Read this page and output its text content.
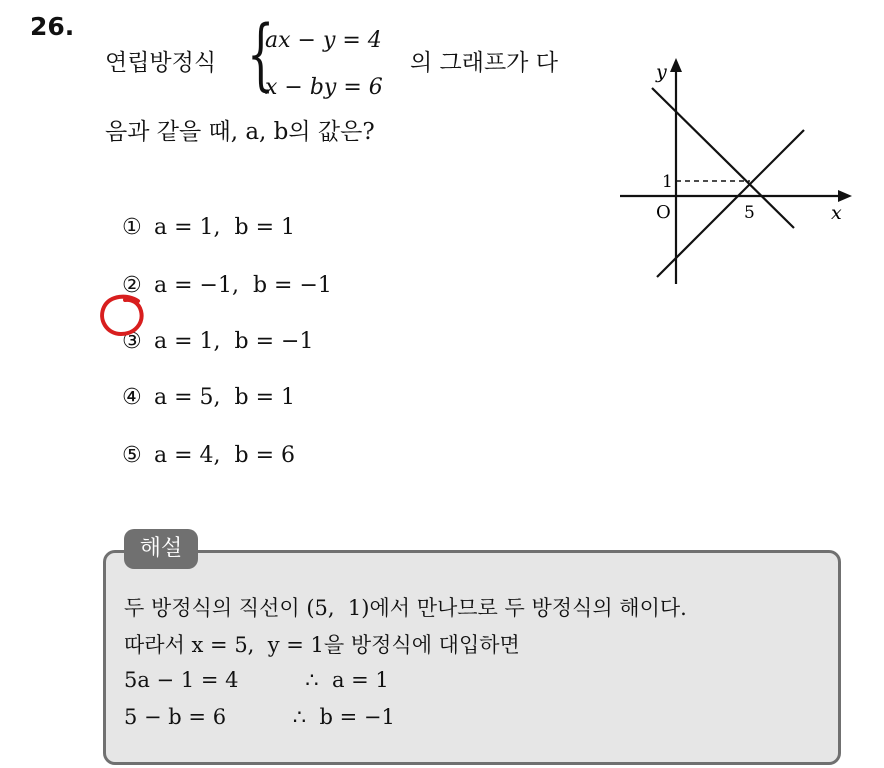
26.
연립방정식 {
ax − y = 4
x − by = 6
의 그래프가 다
음과 같을 때, a, b의 값은?

① a = 1,  b = 1

② a = −1,  b = −1

③ a = 1,  b = −1

④ a = 5,  b = 1

⑤ a = 4,  b = 6

x
y
O	5
1
해설
두 방정식의 직선이 (5,  1)에서 만나므로 두 방정식의 해이다.
따라서 x = 5,  y = 1을 방정식에 대입하면
5a − 1 = 4          ∴  a = 1
5 − b = 6          ∴  b = −1
